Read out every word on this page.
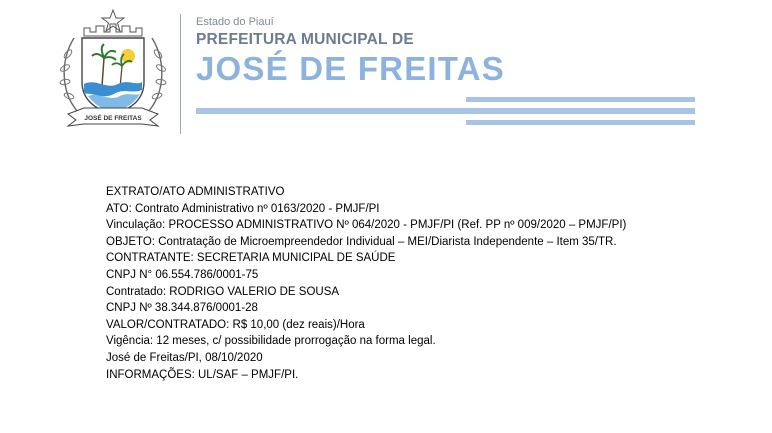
JOSÉ DE FREITAS
Estado do Piauí
PREFEITURA MUNICIPAL DE
JOSÉ DE FREITAS
EXTRATO/ATO ADMINISTRATIVO
ATO: Contrato Administrativo nº 0163/2020 - PMJF/PI
Vinculação: PROCESSO ADMINISTRATIVO Nº 064/2020 - PMJF/PI (Ref. PP nº 009/2020 – PMJF/PI)
OBJETO: Contratação de Microempreendedor Individual – MEI/Diarista Independente – Item 35/TR.
CONTRATANTE: SECRETARIA MUNICIPAL DE SAÚDE
CNPJ N° 06.554.786/0001-75
Contratado: RODRIGO VALERIO DE SOUSA
CNPJ Nº 38.344.876/0001-28
VALOR/CONTRATADO: R$ 10,00 (dez reais)/Hora
Vigência: 12 meses, c/ possibilidade prorrogação na forma legal.
José de Freitas/PI, 08/10/2020
INFORMAÇÕES: UL/SAF – PMJF/PI.
